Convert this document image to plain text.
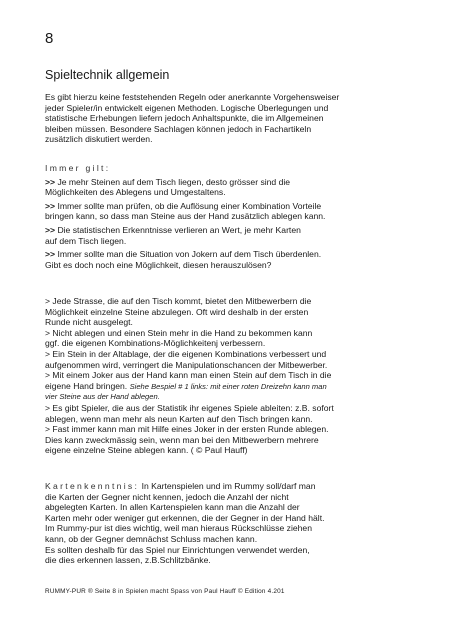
8
Spieltechnik allgemein

Es gibt hierzu keine feststehenden Regeln oder anerkannte Vorgehensweiser

jeder Spieler/in entwickelt eigenen Methoden. Logische Überlegungen und

statistische Erhebungen liefern jedoch Anhaltspunkte, die im Allgemeinen

bleiben müssen. Besondere Sachlagen können jedoch in Fachartikeln

zusätzlich diskutiert werden.

Immer gilt:

>> Je mehr Steinen auf dem Tisch liegen, desto grösser sind die

Möglichkeiten des Ablegens und Umgestaltens.

>> Immer sollte man prüfen, ob die Auflösung einer Kombination Vorteile

bringen kann, so dass man Steine aus der Hand zusätzlich ablegen kann.

>> Die statistischen Erkenntnisse verlieren an Wert, je mehr Karten

auf dem Tisch liegen.

>> Immer sollte man die Situation von Jokern auf dem Tisch überdenlen.

Gibt es doch noch eine Möglichkeit, diesen herauszulösen?

> Jede Strasse, die auf den Tisch kommt, bietet den Mitbewerbern die

Möglichkeit einzelne Steine abzulegen. Oft wird deshalb in der ersten

Runde nicht ausgelegt.

> Nicht ablegen und einen Stein mehr in die Hand zu bekommen kann

ggf. die eigenen Kombinations-Möglichkeitenj verbessern.

> Ein Stein in der Altablage, der die eigenen Kombinations verbessert und

aufgenommen wird, verringert die Manipulationschancen der Mitbewerber.

> Mit einem Joker aus der Hand kann man einen Stein auf dem Tisch in die

eigene Hand bringen. Siehe Bespiel # 1 links: mit einer roten Dreizehn kann man

vier Steine aus der Hand ablegen.

> Es gibt Spieler, die aus der Statistik ihr eigenes Spiele ableiten: z.B. sofort

ablegen, wenn man mehr als neun Karten auf den Tisch bringen kann.

> Fast immer kann man mit Hilfe eines Joker in der ersten Runde ablegen.

Dies kann zweckmässig sein, wenn man bei den Mitbewerbern mehrere

eigene einzelne Steine ablegen kann. ( © Paul Hauff)

Kartenkenntnis: In Kartenspielen und im Rummy soll/darf man

die Karten der Gegner nicht kennen, jedoch die Anzahl der nicht

abgelegten Karten. In allen Kartenspielen kann man die Anzahl der

Karten mehr oder weniger gut erkennen, die der Gegner in der Hand hält.

Im Rummy-pur ist dies wichtig, weil man hieraus Rückschlüsse ziehen

kann, ob der Gegner demnächst Schluss machen kann.

Es sollten deshalb für das Spiel nur Einrichtungen verwendet werden,

die dies erkennen lassen, z.B.Schlitzbänke.

RUMMY-PUR ® Seite 8 in Spielen macht Spass von Paul Hauff © Edition 4.201
